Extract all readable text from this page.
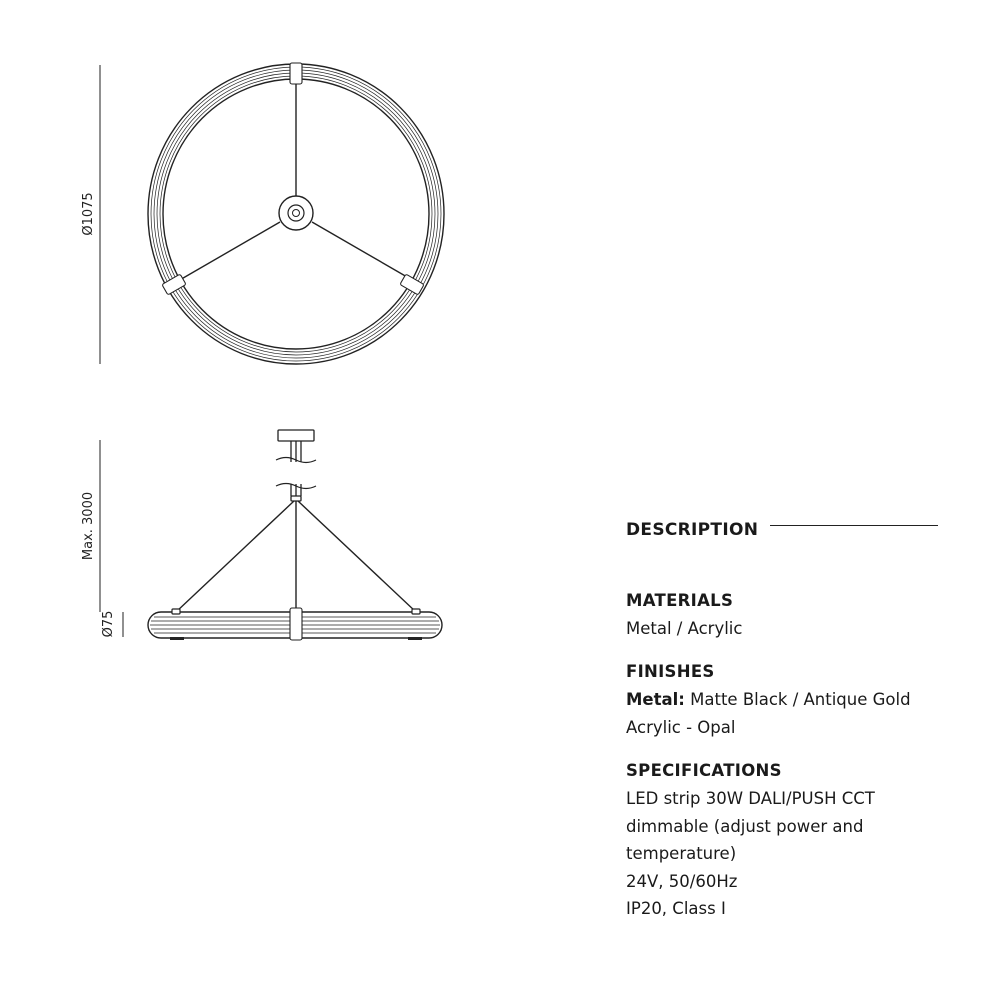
Ø1075
Max. 3000
Ø75
DESCRIPTION
MATERIALS
Metal / Acrylic
FINISHES
Metal: Matte Black / Antique Gold
Acrylic - Opal
SPECIFICATIONS
LED strip 30W DALI/PUSH CCT
dimmable (adjust power and
temperature)
24V, 50/60Hz
IP20, Class I
